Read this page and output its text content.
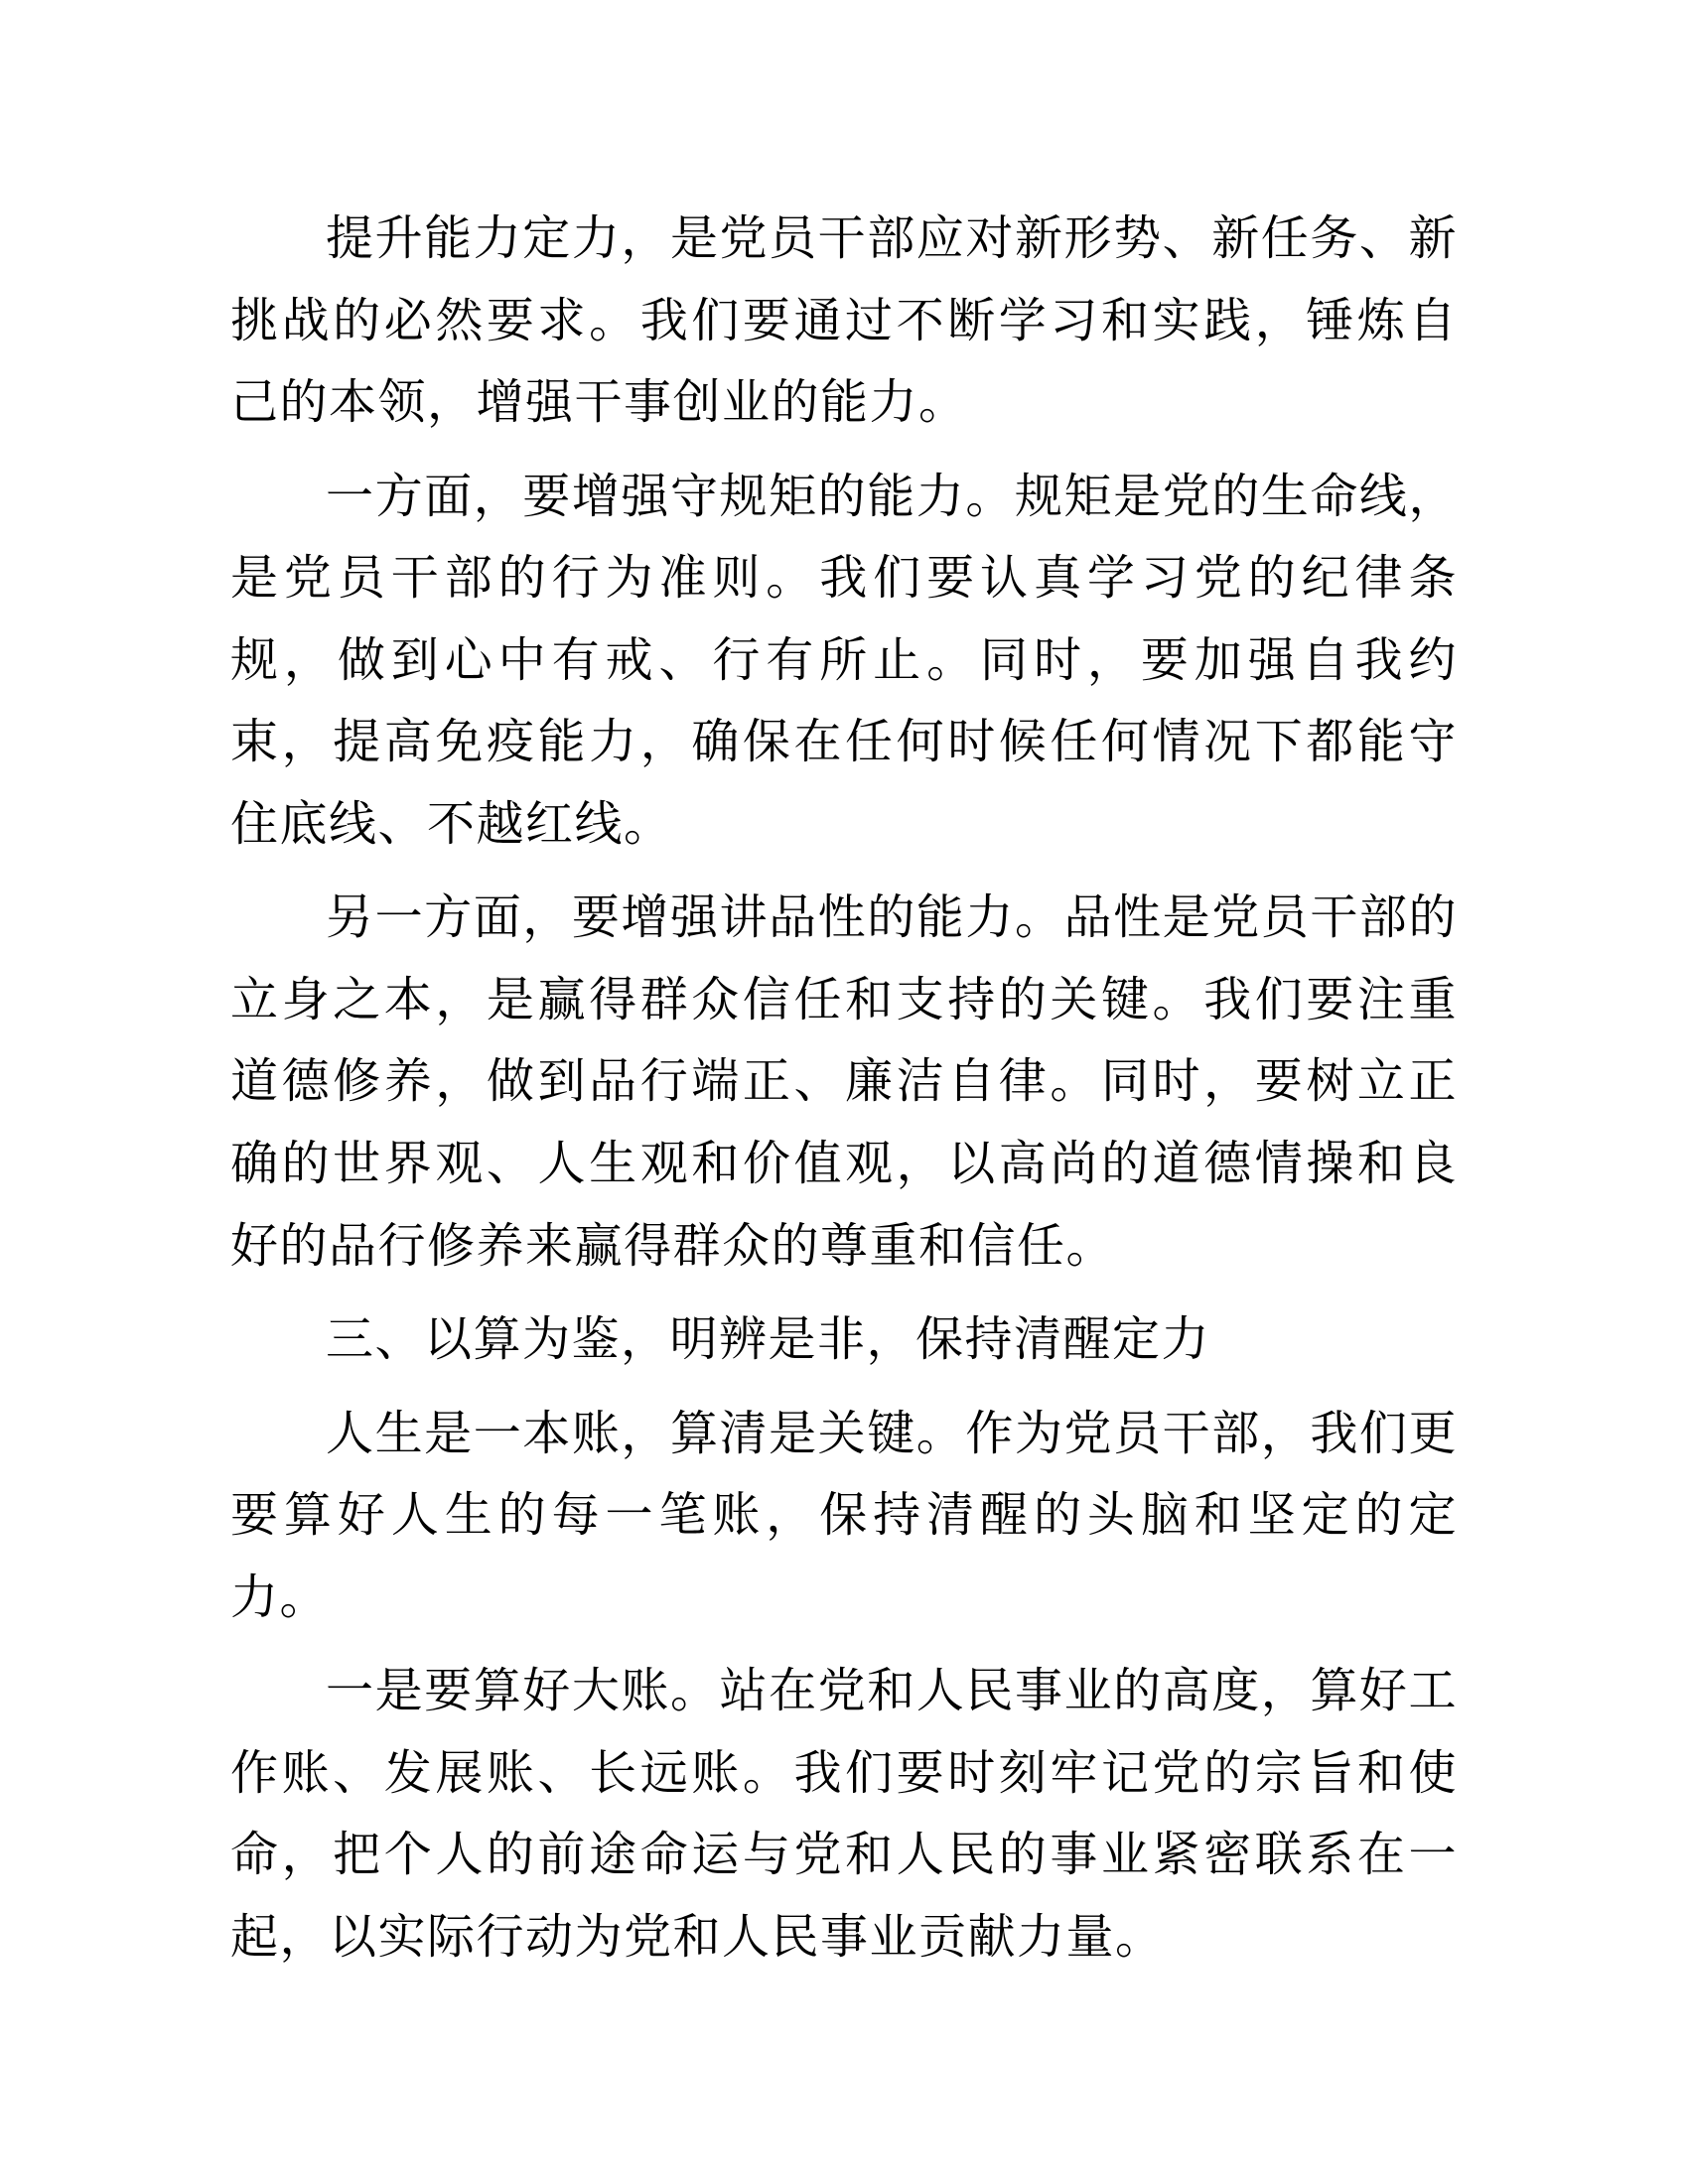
提升能力定力，是党员干部应对新形势、新任务、新挑战的必然要求。我们要通过不断学习和实践，锤炼自己的本领，增强干事创业的能力。

一方面，要增强守规矩的能力。规矩是党的生命线，是党员干部的行为准则。我们要认真学习党的纪律条规，做到心中有戒、行有所止。同时，要加强自我约束，提高免疫能力，确保在任何时候任何情况下都能守住底线、不越红线。

另一方面，要增强讲品性的能力。品性是党员干部的立身之本，是赢得群众信任和支持的关键。我们要注重道德修养，做到品行端正、廉洁自律。同时，要树立正确的世界观、人生观和价值观，以高尚的道德情操和良好的品行修养来赢得群众的尊重和信任。

三、以算为鉴，明辨是非，保持清醒定力

人生是一本账，算清是关键。作为党员干部，我们更要算好人生的每一笔账，保持清醒的头脑和坚定的定力。

一是要算好大账。站在党和人民事业的高度，算好工作账、发展账、长远账。我们要时刻牢记党的宗旨和使命，把个人的前途命运与党和人民的事业紧密联系在一起，以实际行动为党和人民事业贡献力量。
